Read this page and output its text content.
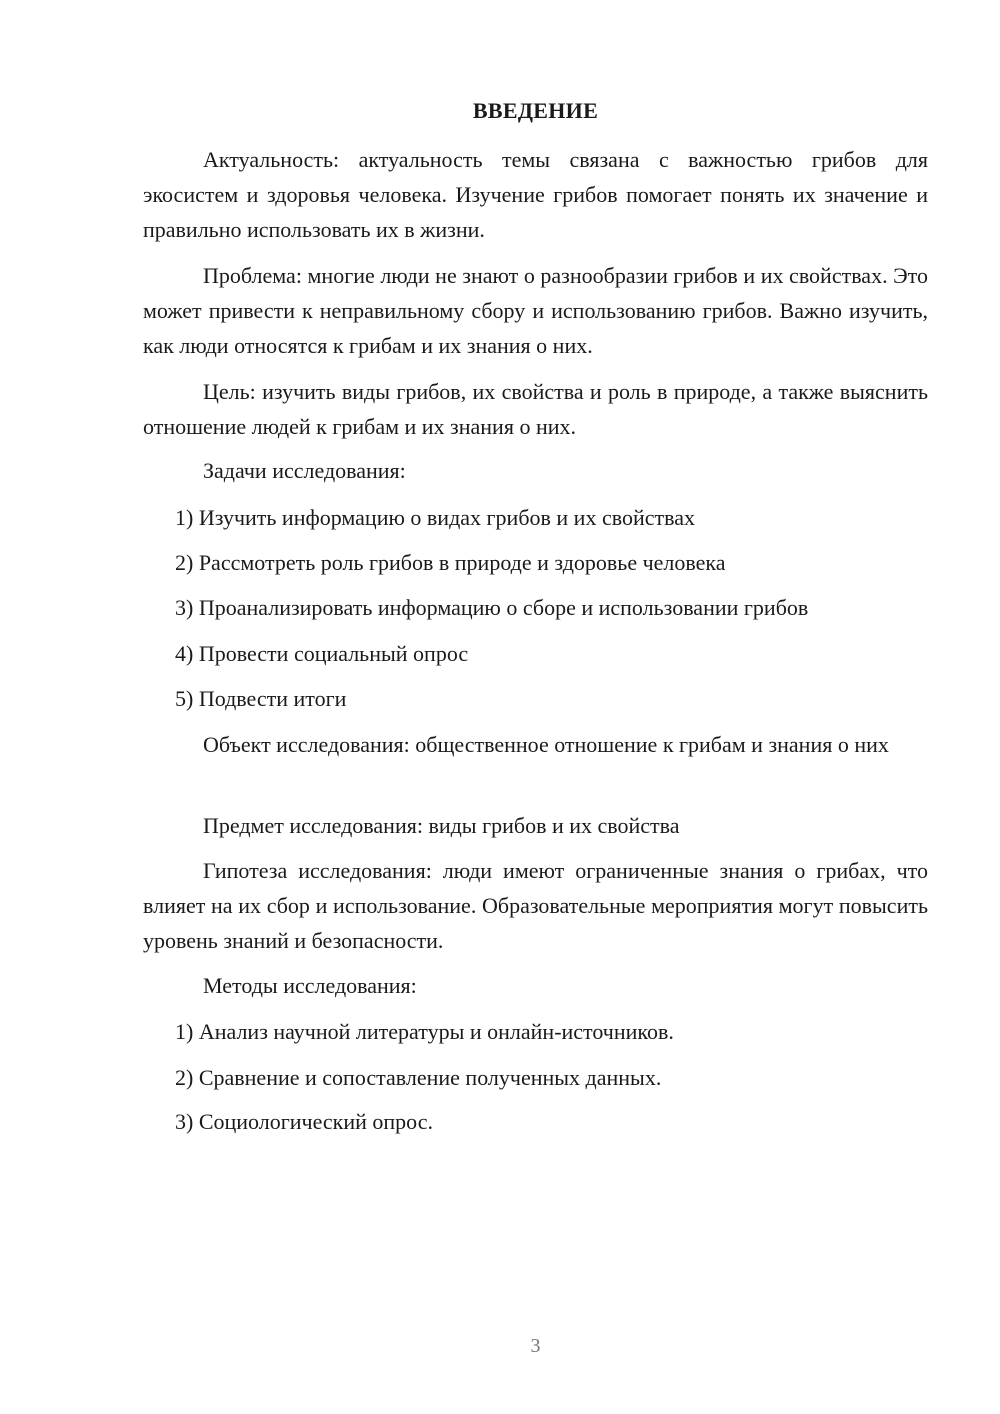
ВВЕДЕНИЕ

Актуальность: актуальность темы связана с важностью грибов для экосистем и здоровья человека. Изучение грибов помогает понять их значение и правильно использовать их в жизни.

Проблема: многие люди не знают о разнообразии грибов и их свойствах. Это может привести к неправильному сбору и использованию грибов. Важно изучить, как люди относятся к грибам и их знания о них.

Цель: изучить виды грибов, их свойства и роль в природе, а также выяснить отношение людей к грибам и их знания о них.

Задачи исследования:

1) Изучить информацию о видах грибов и их свойствах

2) Рассмотреть роль грибов в природе и здоровье человека

3) Проанализировать информацию о сборе и использовании грибов

4) Провести социальный опрос

5) Подвести итоги

Объект исследования: общественное отношение к грибам и знания о них

Предмет исследования: виды грибов и их свойства

Гипотеза исследования: люди имеют ограниченные знания о грибах, что влияет на их сбор и использование. Образовательные мероприятия могут повысить уровень знаний и безопасности.

Методы исследования:

1) Анализ научной литературы и онлайн-источников.

2) Сравнение и сопоставление полученных данных.

3) Социологический опрос.

3
